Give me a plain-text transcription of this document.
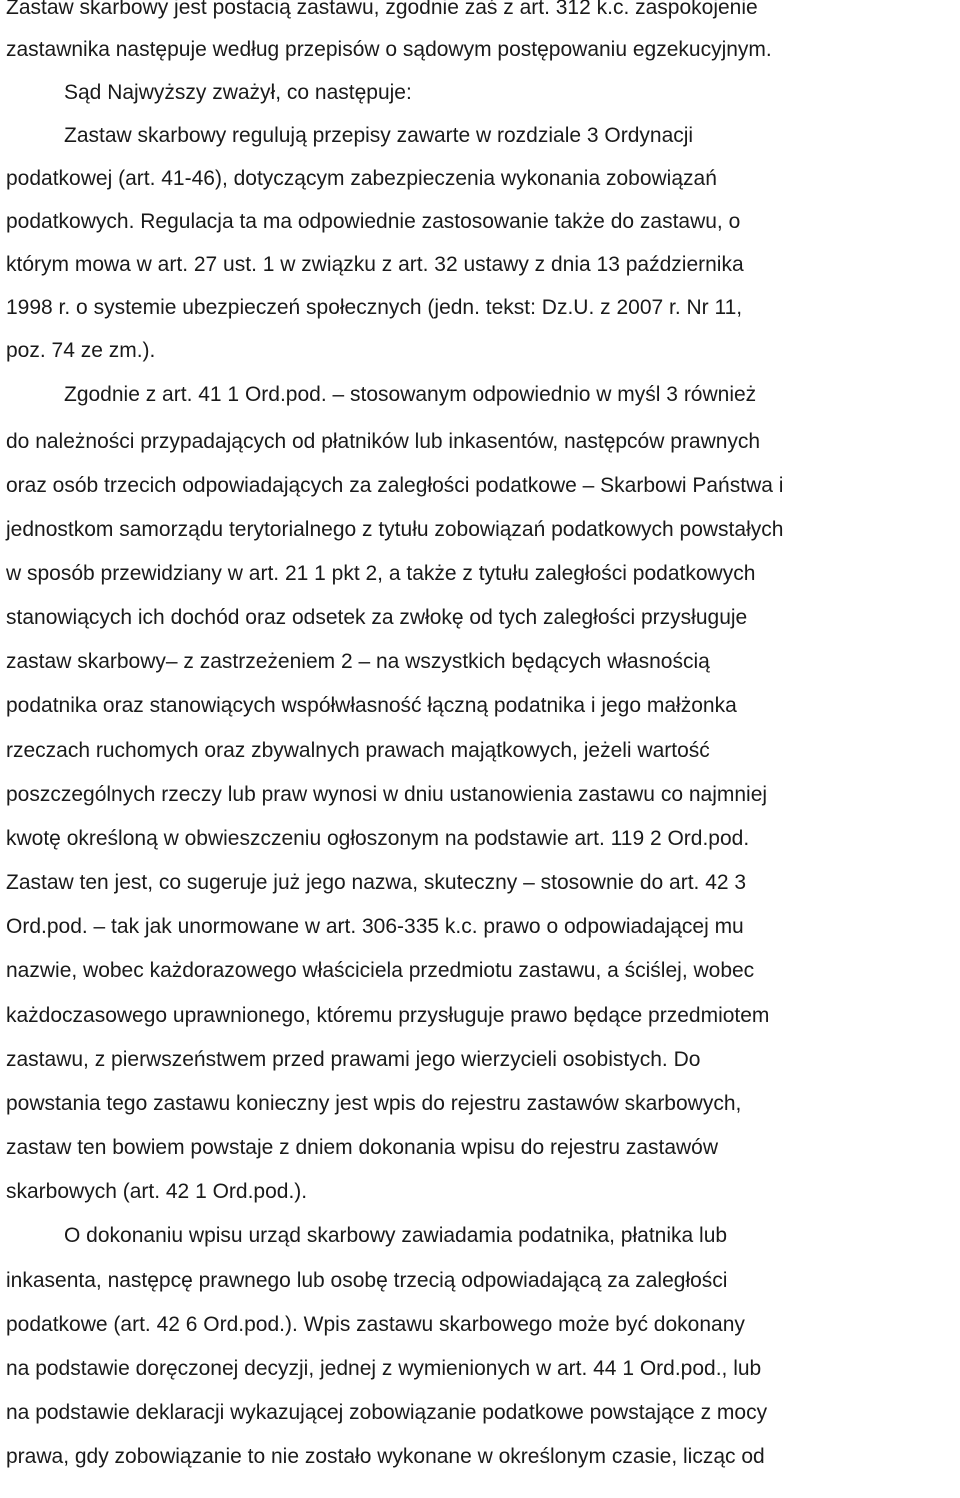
Zastaw skarbowy jest postacią zastawu, zgodnie zaś z art. 312 k.c. zaspokojenie
zastawnika następuje według przepisów o sądowym postępowaniu egzekucyjnym.
Sąd Najwyższy zważył, co następuje:
Zastaw skarbowy regulują przepisy zawarte w rozdziale 3 Ordynacji
podatkowej (art. 41-46), dotyczącym zabezpieczenia wykonania zobowiązań
podatkowych. Regulacja ta ma odpowiednie zastosowanie także do zastawu, o
którym mowa w art. 27 ust. 1 w związku z art. 32 ustawy z dnia 13 października
1998 r. o systemie ubezpieczeń społecznych (jedn. tekst: Dz.U. z 2007 r. Nr 11,
poz. 74 ze zm.).
Zgodnie z art. 41 1 Ord.pod. – stosowanym odpowiednio w myśl 3 również
do należności przypadających od płatników lub inkasentów, następców prawnych
oraz osób trzecich odpowiadających za zaległości podatkowe – Skarbowi Państwa i
jednostkom samorządu terytorialnego z tytułu zobowiązań podatkowych powstałych
w sposób przewidziany w art. 21 1 pkt 2, a także z tytułu zaległości podatkowych
stanowiących ich dochód oraz odsetek za zwłokę od tych zaległości przysługuje
zastaw skarbowy– z zastrzeżeniem 2 – na wszystkich będących własnością
podatnika oraz stanowiących współwłasność łączną podatnika i jego małżonka
rzeczach ruchomych oraz zbywalnych prawach majątkowych, jeżeli wartość
poszczególnych rzeczy lub praw wynosi w dniu ustanowienia zastawu co najmniej
kwotę określoną w obwieszczeniu ogłoszonym na podstawie art. 119 2 Ord.pod.
Zastaw ten jest, co sugeruje już jego nazwa, skuteczny – stosownie do art. 42 3
Ord.pod. – tak jak unormowane w art. 306-335 k.c. prawo o odpowiadającej mu
nazwie, wobec każdorazowego właściciela przedmiotu zastawu, a ściślej, wobec
każdoczasowego uprawnionego, któremu przysługuje prawo będące przedmiotem
zastawu, z pierwszeństwem przed prawami jego wierzycieli osobistych. Do
powstania tego zastawu konieczny jest wpis do rejestru zastawów skarbowych,
zastaw ten bowiem powstaje z dniem dokonania wpisu do rejestru zastawów
skarbowych (art. 42 1 Ord.pod.).
O dokonaniu wpisu urząd skarbowy zawiadamia podatnika, płatnika lub
inkasenta, następcę prawnego lub osobę trzecią odpowiadającą za zaległości
podatkowe (art. 42 6 Ord.pod.). Wpis zastawu skarbowego może być dokonany
na podstawie doręczonej decyzji, jednej z wymienionych w art. 44 1 Ord.pod., lub
na podstawie deklaracji wykazującej zobowiązanie podatkowe powstające z mocy
prawa, gdy zobowiązanie to nie zostało wykonane w określonym czasie, licząc od
